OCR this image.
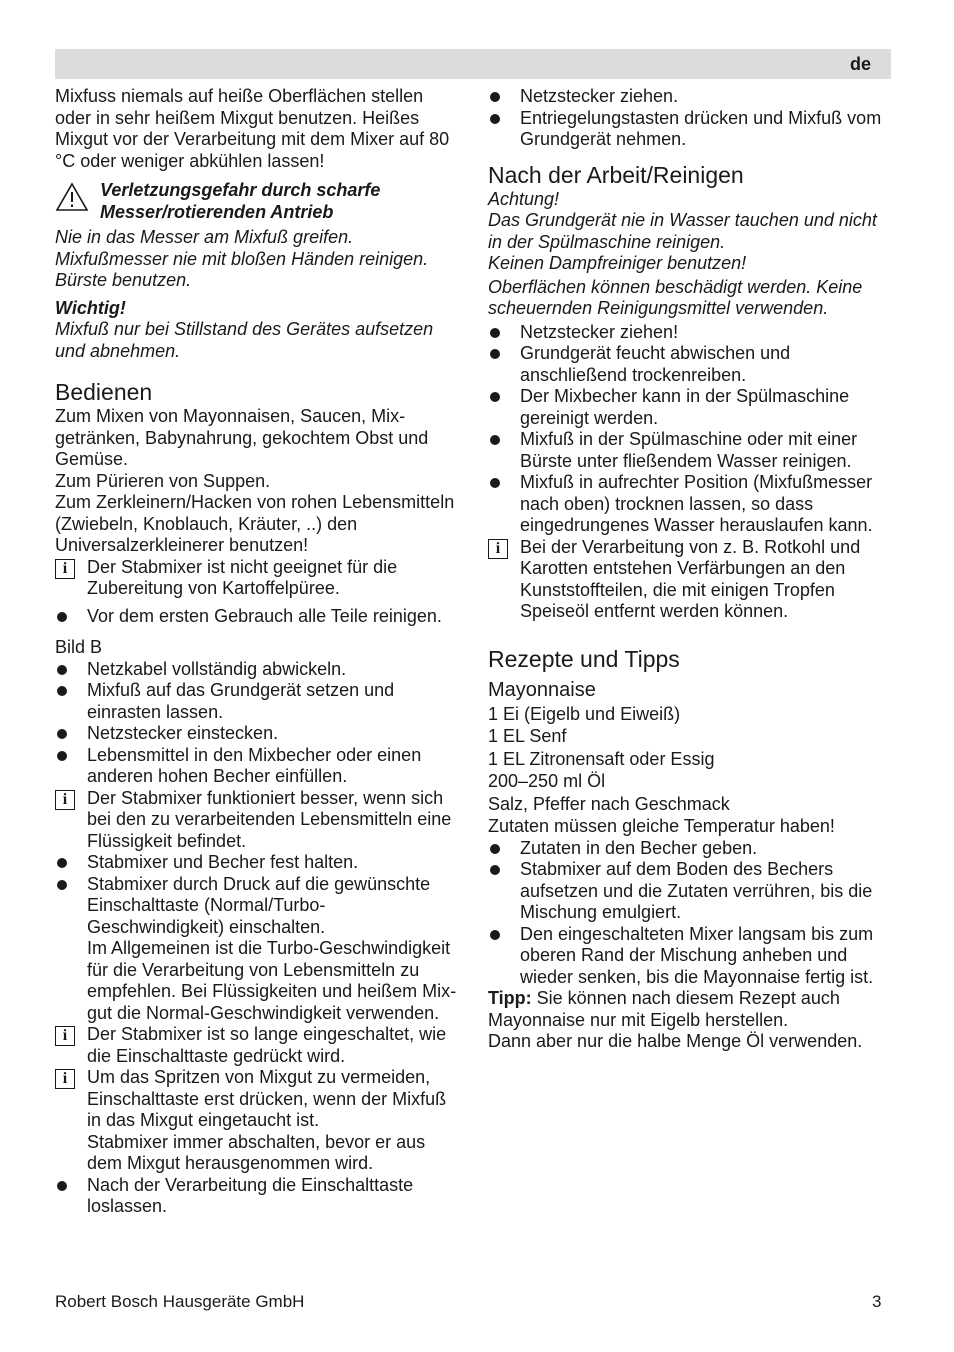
de

Mixfuss niemals auf heiße Oberflächen stellen oder in sehr heißem Mixgut benutzen. Heißes Mixgut vor der Verarbeitung mit dem Mixer auf 80 °C oder weniger abkühlen lassen!

Verletzungsgefahr durch scharfe Messer/rotierenden Antrieb

Nie in das Messer am Mixfuß greifen. Mixfußmesser nie mit bloßen Händen reinigen. Bürste benutzen.

Wichtig!

Mixfuß nur bei Stillstand des Gerätes aufsetzen und abnehmen.

Bedienen

Zum Mixen von Mayonnaisen, Saucen, Mixgetränken, Babynahrung, gekochtem Obst und Gemüse.

Zum Pürieren von Suppen.

Zum Zerkleinern/Hacken von rohen Lebensmitteln (Zwiebeln, Knoblauch, Kräuter, ..) den Universalzerkleinerer benutzen!

i	Der Stabmixer ist nicht geeignet für die Zubereitung von Kartoffelpüree.
Vor dem ersten Gebrauch alle Teile reinigen.

Bild B

Netzkabel vollständig abwickeln.
Mixfuß auf das Grundgerät setzen und einrasten lassen.
Netzstecker einstecken.
Lebensmittel in den Mixbecher oder einen anderen hohen Becher einfüllen.
i	Der Stabmixer funktioniert besser, wenn sich bei den zu verarbeitenden Lebensmitteln eine Flüssigkeit befindet.
Stabmixer und Becher fest halten.
Stabmixer durch Druck auf die gewünschte Einschalttaste (Normal/Turbo-Geschwindigkeit) einschalten.
Im Allgemeinen ist die Turbo-Geschwindigkeit für die Verarbeitung von Lebensmitteln zu empfehlen. Bei Flüssigkeiten und heißem Mixgut die Normal-Geschwindigkeit verwenden.
i	Der Stabmixer ist so lange eingeschaltet, wie die Einschalttaste gedrückt wird.
i	Um das Spritzen von Mixgut zu vermeiden, Einschalttaste erst drücken, wenn der Mixfuß in das Mixgut eingetaucht ist.
Stabmixer immer abschalten, bevor er aus dem Mixgut herausgenommen wird.
Nach der Verarbeitung die Einschalttaste loslassen.
Netzstecker ziehen.
Entriegelungstasten drücken und Mixfuß vom Grundgerät nehmen.
Nach der Arbeit/Reinigen

Achtung!

Das Grundgerät nie in Wasser tauchen und nicht in der Spülmaschine reinigen.

Keinen Dampfreiniger benutzen!

Oberflächen können beschädigt werden. Keine scheuernden Reinigungsmittel verwenden.

Netzstecker ziehen!
Grundgerät feucht abwischen und anschließend trockenreiben.
Der Mixbecher kann in der Spülmaschine gereinigt werden.
Mixfuß in der Spülmaschine oder mit einer Bürste unter fließendem Wasser reinigen.
Mixfuß in aufrechter Position (Mixfußmesser nach oben) trocknen lassen, so dass eingedrungenes Wasser herauslaufen kann.
i	Bei der Verarbeitung von z. B. Rotkohl und Karotten entstehen Verfärbungen an den Kunststoffteilen, die mit einigen Tropfen Speiseöl entfernt werden können.
Rezepte und Tipps
Mayonnaise

1 Ei (Eigelb und Eiweiß)

1 EL Senf

1 EL Zitronensaft oder Essig

200–250 ml Öl

Salz, Pfeffer nach Geschmack

Zutaten müssen gleiche Temperatur haben!

Zutaten in den Becher geben.
Stabmixer auf dem Boden des Bechers aufsetzen und die Zutaten verrühren, bis die Mischung emulgiert.
Den eingeschalteten Mixer langsam bis zum oberen Rand der Mischung anheben und wieder senken, bis die Mayonnaise fertig ist.

Tipp: Sie können nach diesem Rezept auch Mayonnaise nur mit Eigelb herstellen.

Dann aber nur die halbe Menge Öl verwenden.

Robert Bosch Hausgeräte GmbH	3
